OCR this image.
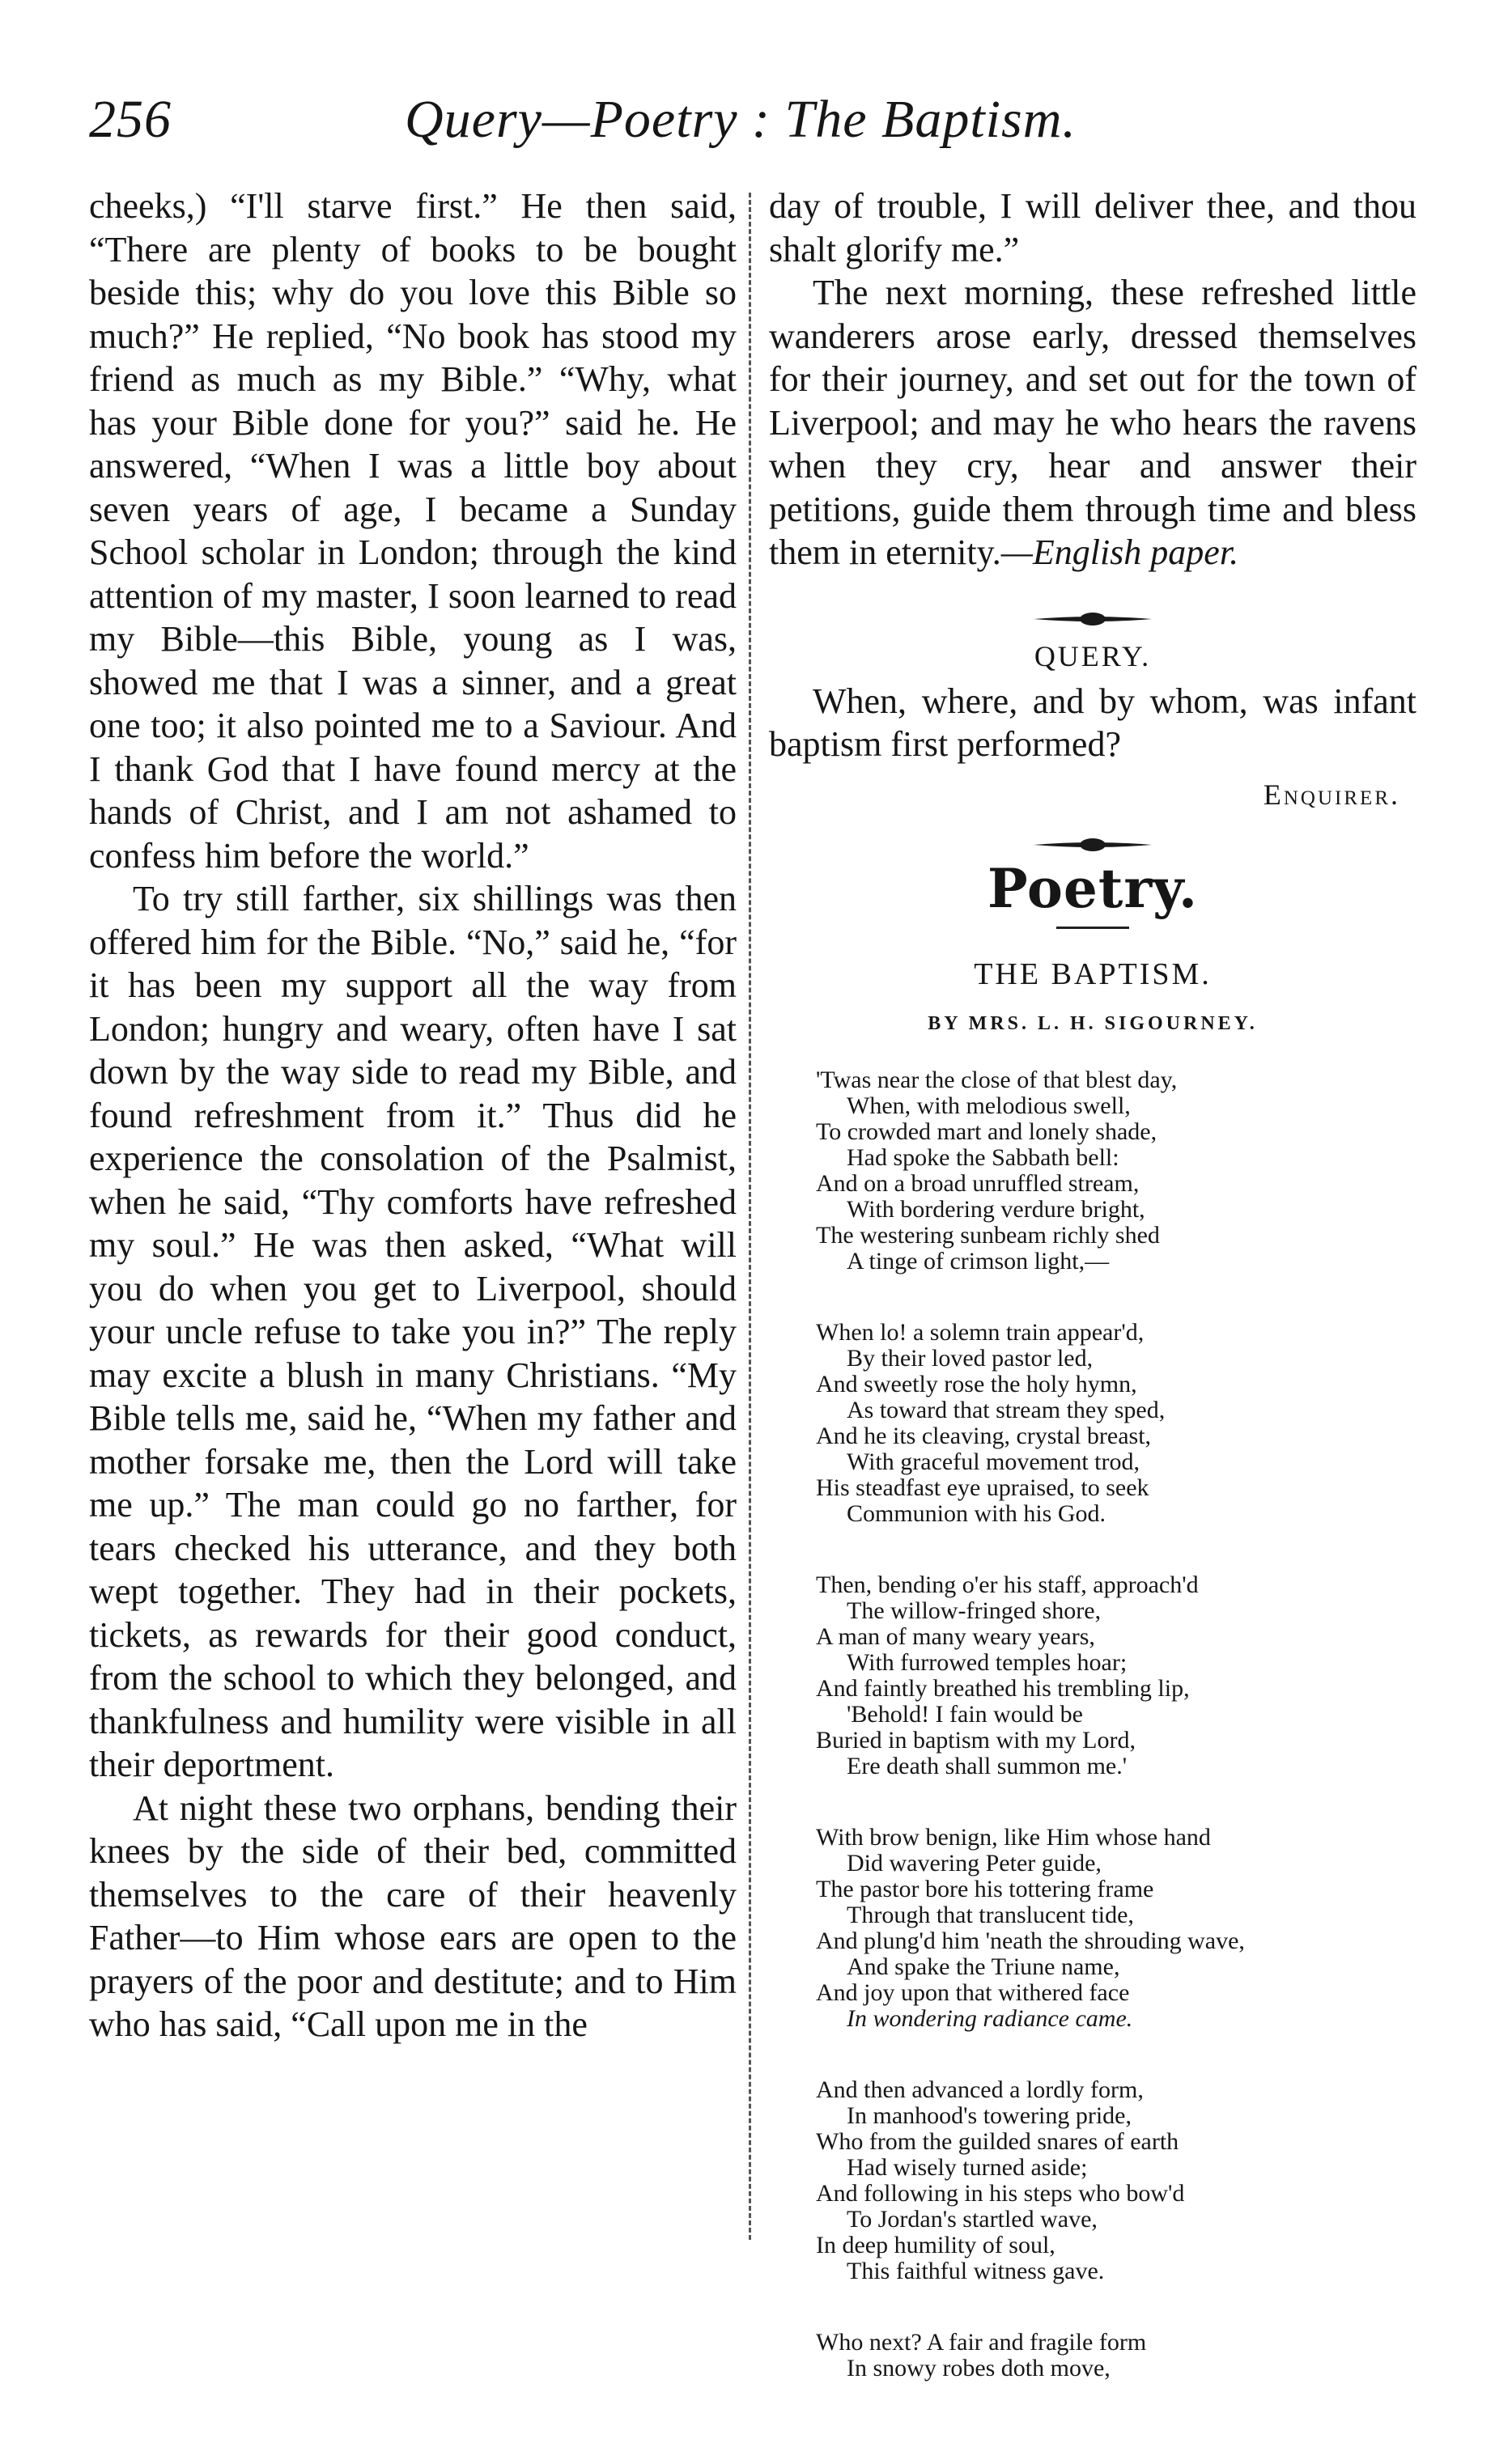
256	Query—Poetry : The Baptism.

cheeks,) “I'll starve first.” He then said, “There are plenty of books to be bought beside this; why do you love this Bible so much?” He replied, “No book has stood my friend as much as my Bible.” “Why, what has your Bible done for you?” said he. He answered, “When I was a little boy about seven years of age, I became a Sunday School scholar in London; through the kind attention of my master, I soon learned to read my Bible—this Bible, young as I was, showed me that I was a sinner, and a great one too; it also pointed me to a Saviour. And I thank God that I have found mercy at the hands of Christ, and I am not ashamed to confess him before the world.”

To try still farther, six shillings was then offered him for the Bible. “No,” said he, “for it has been my support all the way from London; hungry and weary, often have I sat down by the way side to read my Bible, and found refreshment from it.” Thus did he experience the consolation of the Psalmist, when he said, “Thy comforts have refreshed my soul.” He was then asked, “What will you do when you get to Liverpool, should your uncle refuse to take you in?” The reply may excite a blush in many Christians. “My Bible tells me, said he, “When my father and mother forsake me, then the Lord will take me up.” The man could go no farther, for tears checked his utterance, and they both wept together. They had in their pockets, tickets, as rewards for their good conduct, from the school to which they belonged, and thankfulness and humility were visible in all their deportment.

At night these two orphans, bending their knees by the side of their bed, committed themselves to the care of their heavenly Father—to Him whose ears are open to the prayers of the poor and destitute; and to Him who has said, “Call upon me in the

day of trouble, I will deliver thee, and thou shalt glorify me.”

The next morning, these refreshed little wanderers arose early, dressed themselves for their journey, and set out for the town of Liverpool; and may he who hears the ravens when they cry, hear and answer their petitions, guide them through time and bless them in eternity.—English paper.

QUERY.

When, where, and by whom, was infant baptism first performed?

Enquirer.
Poetry.
THE BAPTISM.
BY MRS. L. H. SIGOURNEY.
'Twas near the close of that blest day,
When, with melodious swell,
To crowded mart and lonely shade,
Had spoke the Sabbath bell:
And on a broad unruffled stream,
With bordering verdure bright,
The westering sunbeam richly shed
A tinge of crimson light,—
When lo! a solemn train appear'd,
By their loved pastor led,
And sweetly rose the holy hymn,
As toward that stream they sped,
And he its cleaving, crystal breast,
With graceful movement trod,
His steadfast eye upraised, to seek
Communion with his God.
Then, bending o'er his staff, approach'd
The willow-fringed shore,
A man of many weary years,
With furrowed temples hoar;
And faintly breathed his trembling lip,
'Behold! I fain would be
Buried in baptism with my Lord,
Ere death shall summon me.'
With brow benign, like Him whose hand
Did wavering Peter guide,
The pastor bore his tottering frame
Through that translucent tide,
And plung'd him 'neath the shrouding wave,
And spake the Triune name,
And joy upon that withered face
In wondering radiance came.
And then advanced a lordly form,
In manhood's towering pride,
Who from the guilded snares of earth
Had wisely turned aside;
And following in his steps who bow'd
To Jordan's startled wave,
In deep humility of soul,
This faithful witness gave.
Who next? A fair and fragile form
In snowy robes doth move,
